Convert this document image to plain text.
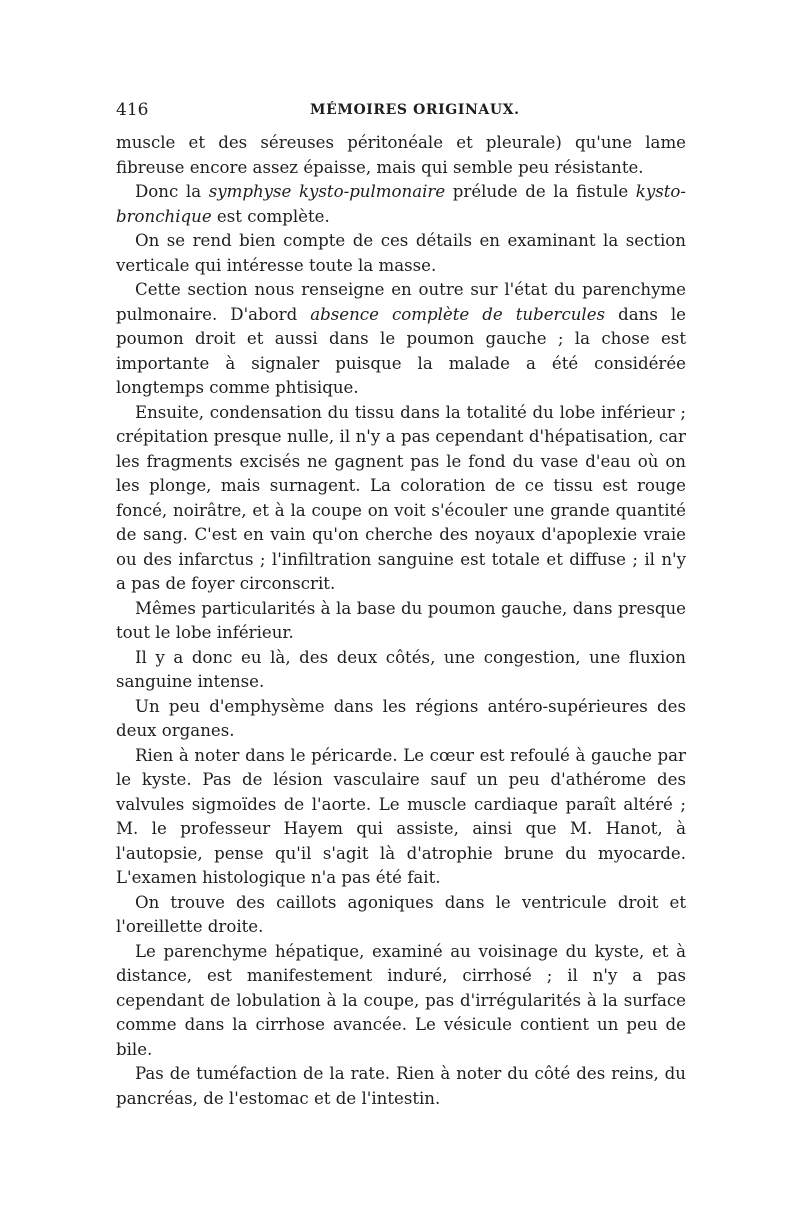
416	MÉMOIRES ORIGINAUX.

muscle et des séreuses péritonéale et pleurale) qu'une lame fibreuse encore assez épaisse, mais qui semble peu résistante.

Donc la symphyse kysto-pulmonaire prélude de la fistule kysto-bronchique est complète.

On se rend bien compte de ces détails en examinant la section verticale qui intéresse toute la masse.

Cette section nous renseigne en outre sur l'état du parenchyme pulmonaire. D'abord absence complète de tubercules dans le poumon droit et aussi dans le poumon gauche ; la chose est importante à signaler puisque la malade a été considérée longtemps comme phtisique.

Ensuite, condensation du tissu dans la totalité du lobe inférieur ; crépitation presque nulle, il n'y a pas cependant d'hépatisation, car les fragments excisés ne gagnent pas le fond du vase d'eau où on les plonge, mais surnagent. La coloration de ce tissu est rouge foncé, noirâtre, et à la coupe on voit s'écouler une grande quantité de sang. C'est en vain qu'on cherche des noyaux d'apoplexie vraie ou des infarctus ; l'infiltration sanguine est totale et diffuse ; il n'y a pas de foyer circonscrit.

Mêmes particularités à la base du poumon gauche, dans presque tout le lobe inférieur.

Il y a donc eu là, des deux côtés, une congestion, une fluxion sanguine intense.

Un peu d'emphysème dans les régions antéro-supérieures des deux organes.

Rien à noter dans le péricarde. Le cœur est refoulé à gauche par le kyste. Pas de lésion vasculaire sauf un peu d'athérome des valvules sigmoïdes de l'aorte. Le muscle cardiaque paraît altéré ; M. le professeur Hayem qui assiste, ainsi que M. Hanot, à l'autopsie, pense qu'il s'agit là d'atrophie brune du myocarde. L'examen histologique n'a pas été fait.

On trouve des caillots agoniques dans le ventricule droit et l'oreillette droite.

Le parenchyme hépatique, examiné au voisinage du kyste, et à distance, est manifestement induré, cirrhosé ; il n'y a pas cependant de lobulation à la coupe, pas d'irrégularités à la surface comme dans la cirrhose avancée. Le vésicule contient un peu de bile.

Pas de tuméfaction de la rate. Rien à noter du côté des reins, du pancréas, de l'estomac et de l'intestin.
